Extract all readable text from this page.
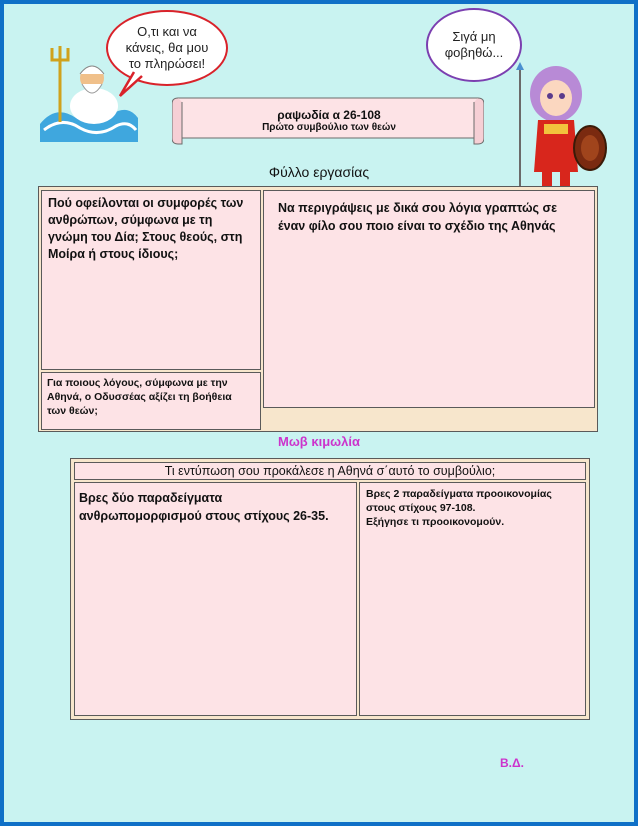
Ο,τι και να
κάνεις, θα μου
το πληρώσει!
Σιγά μη
φοβηθώ...
ραψωδία α 26-108
Πρώτο συμβούλιο των θεών
Φύλλο εργασίας
Πού οφείλονται οι συμφορές των
ανθρώπων, σύμφωνα με τη
γνώμη του Δία; Στους θεούς, στη
Μοίρα ή στους ίδιους;
Για ποιους λόγους, σύμφωνα με την
Αθηνά, ο Οδυσσέας αξίζει τη βοήθεια
των θεών;
Να περιγράψεις με δικά σου λόγια γραπτώς σε
έναν φίλο σου ποιο είναι το σχέδιο της Αθηνάς
Μωβ κιμωλία
Τι εντύπωση σου προκάλεσε η Αθηνά σ΄αυτό το συμβούλιο;
Βρες δύο παραδείγματα
ανθρωπομορφισμού στους στίχους 26-35.
Βρες 2 παραδείγματα προοικονομίας
στους στίχους 97-108.
Εξήγησε τι προοικονομούν.
Β.Δ.
